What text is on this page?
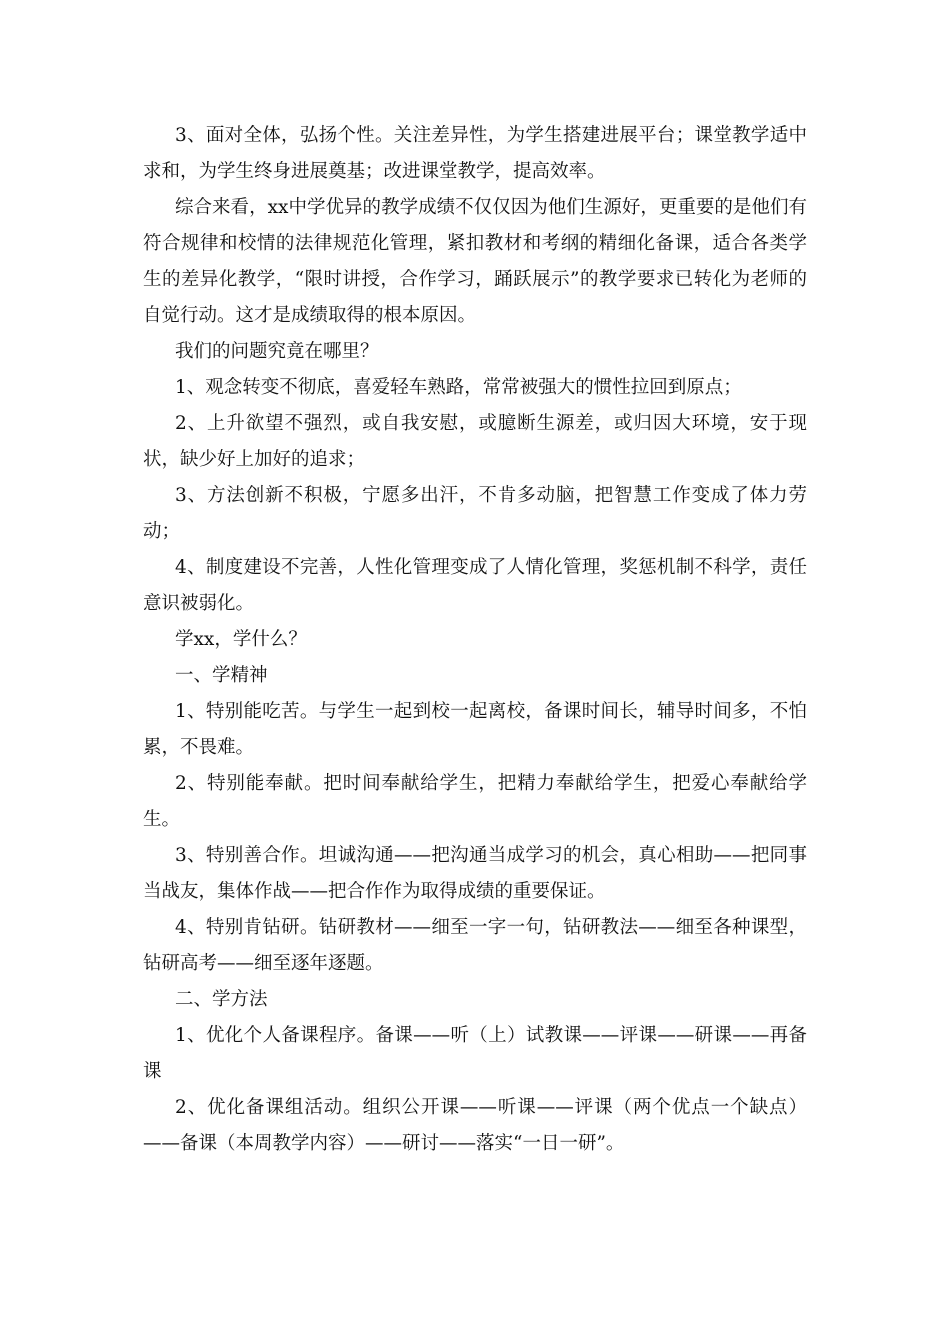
3、面对全体，弘扬个性。关注差异性，为学生搭建进展平台；课堂教学适中求和，为学生终身进展奠基；改进课堂教学，提高效率。

综合来看，xx中学优异的教学成绩不仅仅因为他们生源好，更重要的是他们有符合规律和校情的法律规范化管理，紧扣教材和考纲的精细化备课，适合各类学生的差异化教学，“限时讲授，合作学习，踊跃展示”的教学要求已转化为老师的自觉行动。这才是成绩取得的根本原因。

我们的问题究竟在哪里？

1、观念转变不彻底，喜爱轻车熟路，常常被强大的惯性拉回到原点；

2、上升欲望不强烈，或自我安慰，或臆断生源差，或归因大环境，安于现状，缺少好上加好的追求；

3、方法创新不积极，宁愿多出汗，不肯多动脑，把智慧工作变成了体力劳动；

4、制度建设不完善，人性化管理变成了人情化管理，奖惩机制不科学，责任意识被弱化。

学xx，学什么？

一、学精神

1、特别能吃苦。与学生一起到校一起离校，备课时间长，辅导时间多，不怕累，不畏难。

2、特别能奉献。把时间奉献给学生，把精力奉献给学生，把爱心奉献给学生。

3、特别善合作。坦诚沟通——把沟通当成学习的机会，真心相助——把同事当战友，集体作战——把合作作为取得成绩的重要保证。

4、特别肯钻研。钻研教材——细至一字一句，钻研教法——细至各种课型，钻研高考——细至逐年逐题。

二、学方法

1、优化个人备课程序。备课——听（上）试教课——评课——研课——再备课

2、优化备课组活动。组织公开课——听课——评课（两个优点一个缺点）——备课（本周教学内容）——研讨——落实“一日一研”。
